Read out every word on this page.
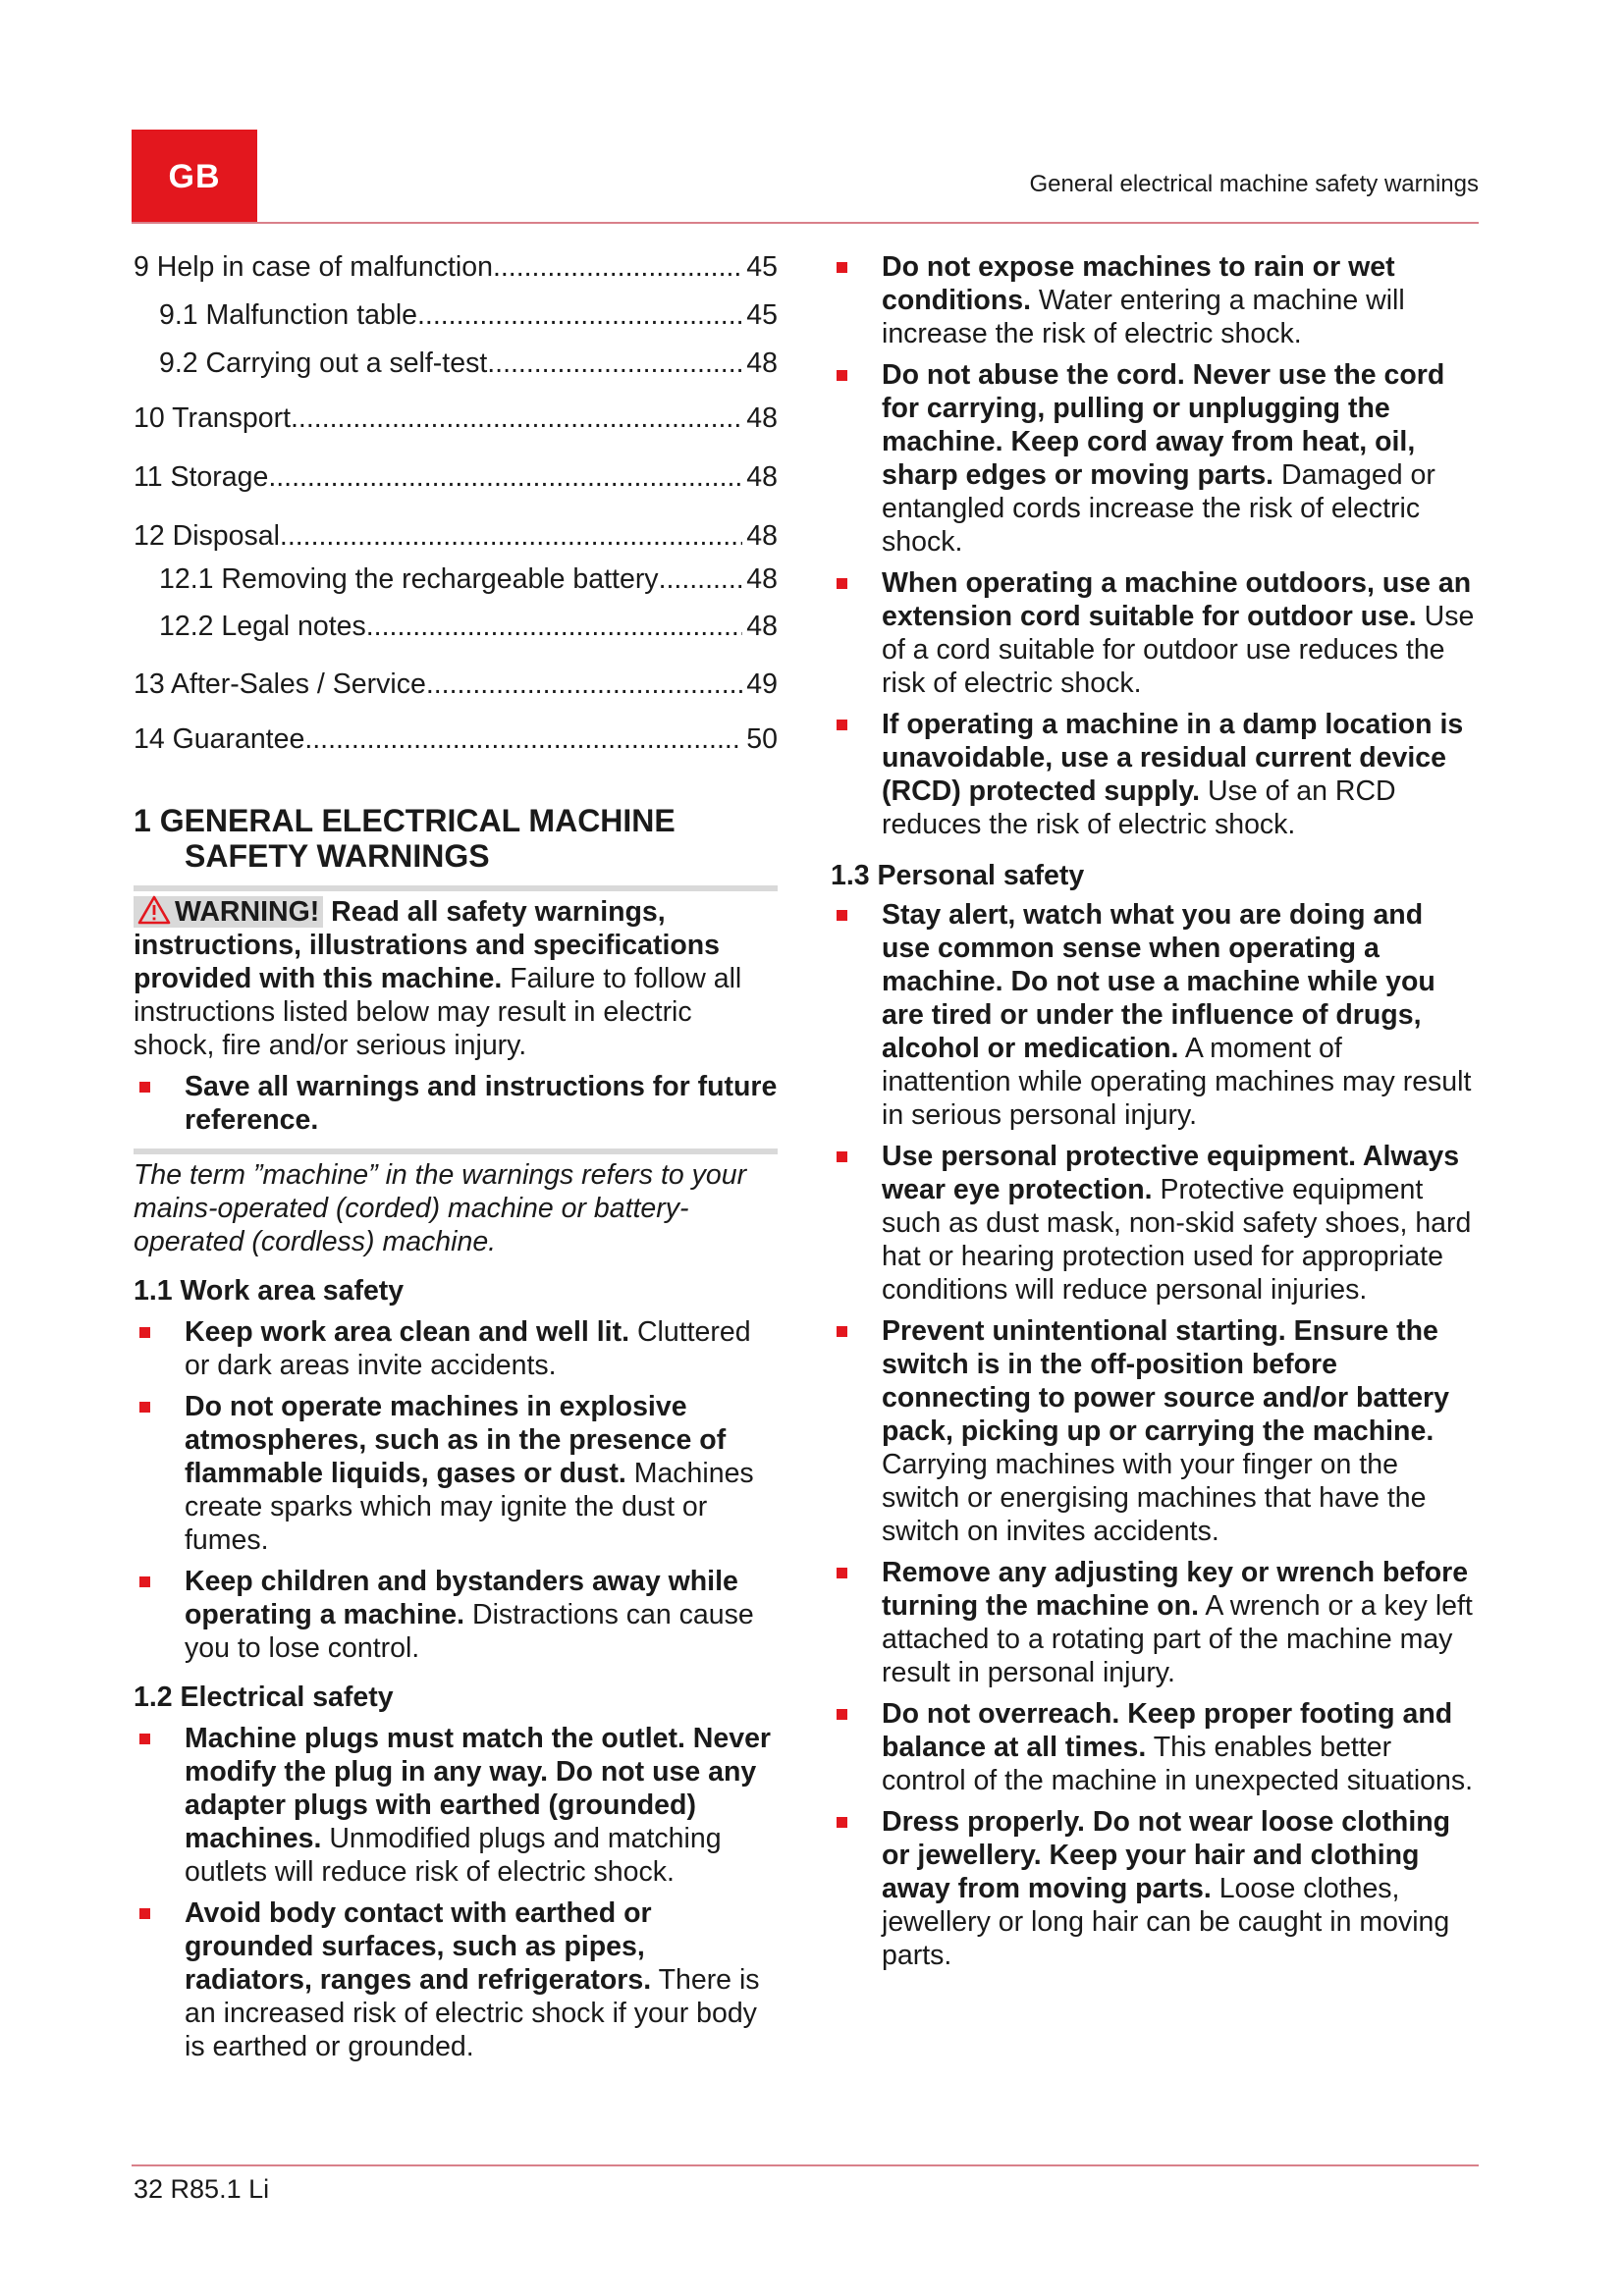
GB	General electrical machine safety warnings
9 Help in case of malfunction .....	45
9.1 Malfunction table .....	45
9.2 Carrying out a self-test .....	48
10 Transport .....	48
11 Storage .....	48
12 Disposal .....	48
12.1 Removing the rechargeable battery .....	48
12.2 Legal notes .....	48
13 After-Sales / Service .....	49
14 Guarantee .....	50
1 GENERAL ELECTRICAL MACHINE SAFETY WARNINGS
WARNING! Read all safety warnings, instructions, illustrations and specifications provided with this machine. Failure to follow all instructions listed below may result in electric shock, fire and/or serious injury.
Save all warnings and instructions for future reference.
The term ”machine” in the warnings refers to your mains-operated (corded) machine or battery-operated (cordless) machine.
1.1 Work area safety
Keep work area clean and well lit. Cluttered or dark areas invite accidents.
Do not operate machines in explosive atmospheres, such as in the presence of flammable liquids, gases or dust. Machines create sparks which may ignite the dust or fumes.
Keep children and bystanders away while operating a machine. Distractions can cause you to lose control.
1.2 Electrical safety
Machine plugs must match the outlet. Never modify the plug in any way. Do not use any adapter plugs with earthed (grounded) machines. Unmodified plugs and matching outlets will reduce risk of electric shock.
Avoid body contact with earthed or grounded surfaces, such as pipes, radiators, ranges and refrigerators. There is an increased risk of electric shock if your body is earthed or grounded.
Do not expose machines to rain or wet conditions. Water entering a machine will increase the risk of electric shock.
Do not abuse the cord. Never use the cord for carrying, pulling or unplugging the machine. Keep cord away from heat, oil, sharp edges or moving parts. Damaged or entangled cords increase the risk of electric shock.
When operating a machine outdoors, use an extension cord suitable for outdoor use. Use of a cord suitable for outdoor use reduces the risk of electric shock.
If operating a machine in a damp location is unavoidable, use a residual current device (RCD) protected supply. Use of an RCD reduces the risk of electric shock.
1.3 Personal safety
Stay alert, watch what you are doing and use common sense when operating a machine. Do not use a machine while you are tired or under the influence of drugs, alcohol or medication. A moment of inattention while operating machines may result in serious personal injury.
Use personal protective equipment. Always wear eye protection. Protective equipment such as dust mask, non-skid safety shoes, hard hat or hearing protection used for appropriate conditions will reduce personal injuries.
Prevent unintentional starting. Ensure the switch is in the off-position before connecting to power source and/or battery pack, picking up or carrying the machine. Carrying machines with your finger on the switch or energising machines that have the switch on invites accidents.
Remove any adjusting key or wrench before turning the machine on. A wrench or a key left attached to a rotating part of the machine may result in personal injury.
Do not overreach. Keep proper footing and balance at all times. This enables better control of the machine in unexpected situations.
Dress properly. Do not wear loose clothing or jewellery. Keep your hair and clothing away from moving parts. Loose clothes, jewellery or long hair can be caught in moving parts.
32 R85.1 Li
